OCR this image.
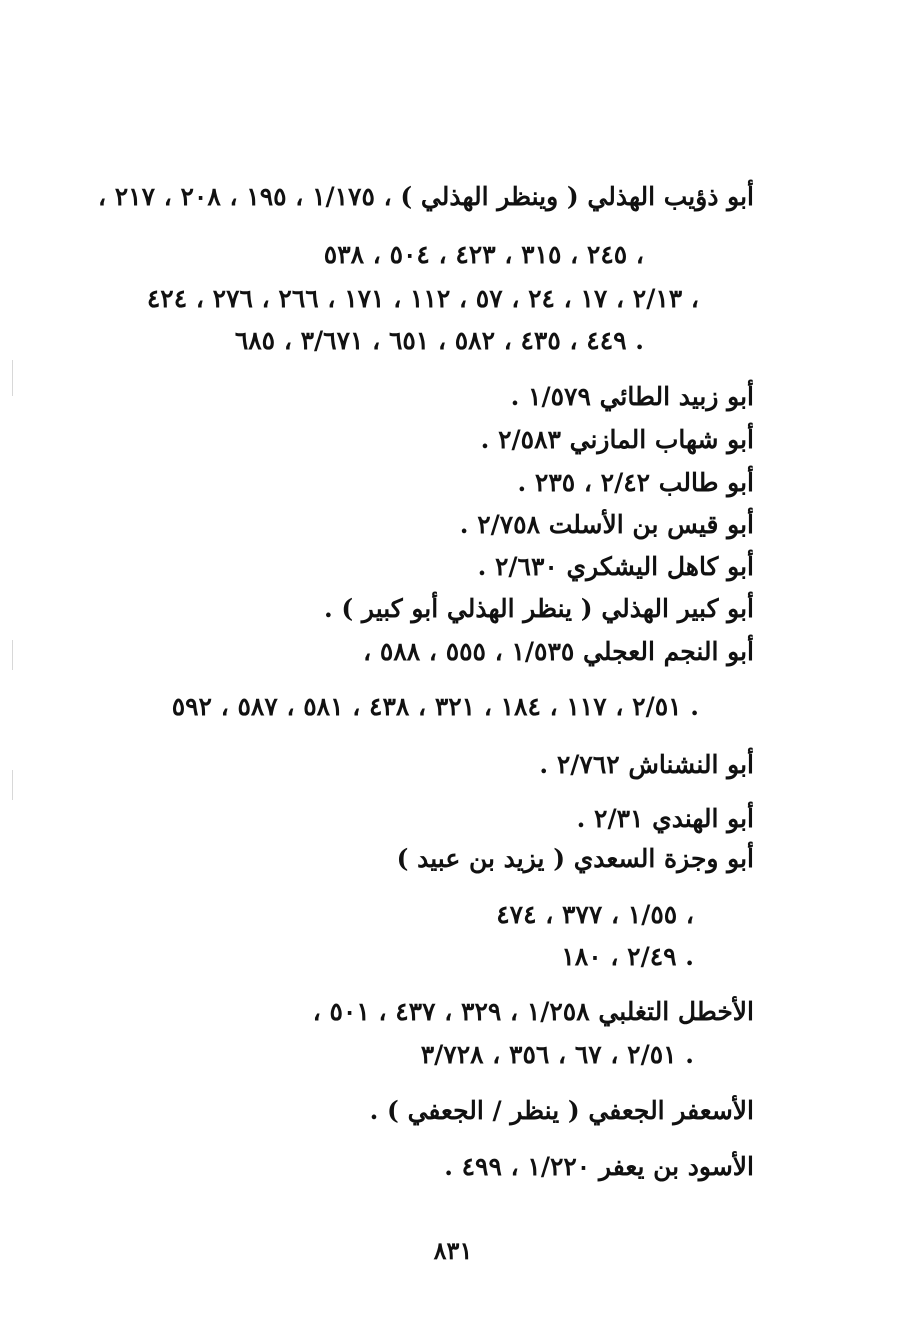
أبو ذؤيب الهذلي ( وينظر الهذلي ) ، ١/١٧٥ ، ١٩٥ ، ٢٠٨ ، ٢١٧ ،
٢٤٥ ، ٣١٥ ، ٤٢٣ ، ٥٠٤ ، ٥٣٨ ،
٢/١٣ ، ١٧ ، ٢٤ ، ٥٧ ، ١١٢ ، ١٧١ ، ٢٦٦ ، ٢٧٦ ، ٤٢٤ ،
٤٤٩ ، ٤٣٥ ، ٥٨٢ ، ٦٥١ ، ٣/٦٧١ ، ٦٨٥ .
أبو زبيد الطائي ١/٥٧٩ .
أبو شهاب المازني ٢/٥٨٣ .
أبو طالب ٢/٤٢ ، ٢٣٥ .
أبو قيس بن الأسلت ٢/٧٥٨ .
أبو كاهل اليشكري ٢/٦٣٠ .
أبو كبير الهذلي ( ينظر الهذلي أبو كبير ) .
أبو النجم العجلي ١/٥٣٥ ، ٥٥٥ ، ٥٨٨ ،
٢/٥١ ، ١١٧ ، ١٨٤ ، ٣٢١ ، ٤٣٨ ، ٥٨١ ، ٥٨٧ ، ٥٩٢ .
أبو النشناش ٢/٧٦٢ .
أبو الهندي ٢/٣١ .
أبو وجزة السعدي ( يزيد بن عبيد )
١/٥٥ ، ٣٧٧ ، ٤٧٤ ،
٢/٤٩ ، ١٨٠ .
الأخطل التغلبي ١/٢٥٨ ، ٣٢٩ ، ٤٣٧ ، ٥٠١ ،
٢/٥١ ، ٦٧ ، ٣٥٦ ، ٣/٧٢٨ .
الأسعفر الجعفي ( ينظر / الجعفي ) .
الأسود بن يعفر ١/٢٢٠ ، ٤٩٩ .
٨٣١
